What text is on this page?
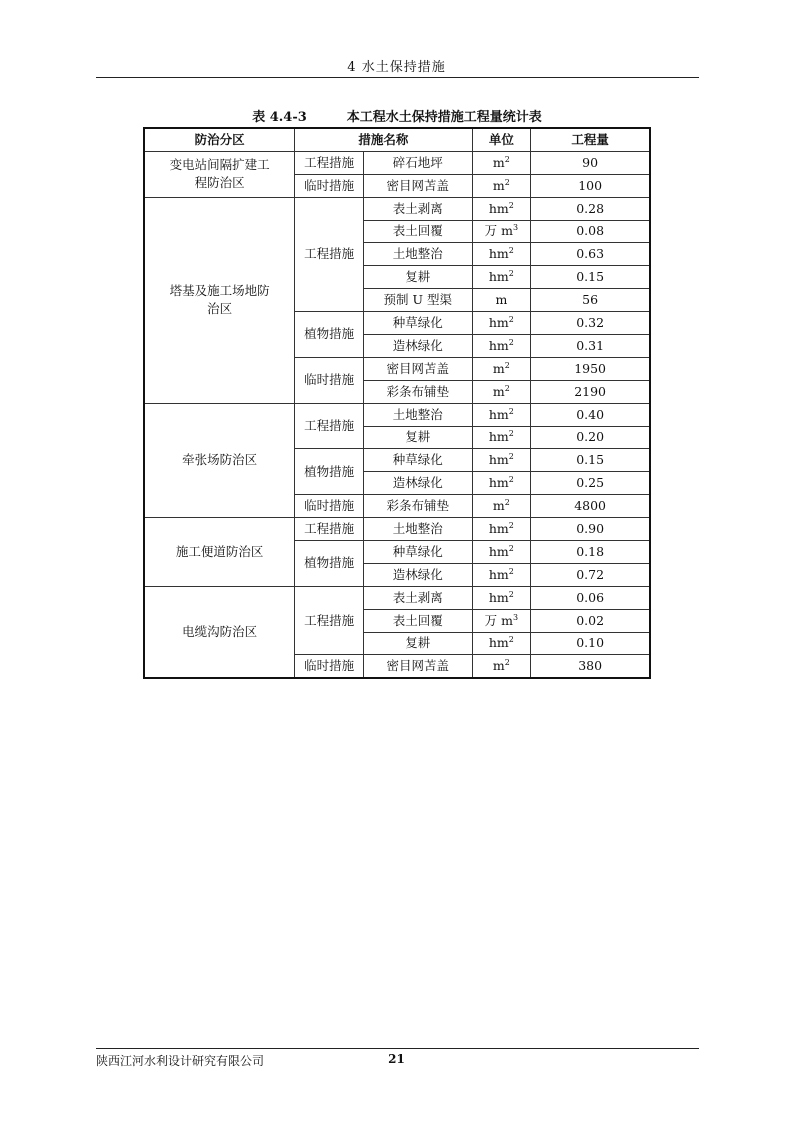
4 水土保持措施
表 4.4-3	本工程水土保持措施工程量统计表
防治分区	措施名称		单位	工程量
变电站间隔扩建工程防治区	工程措施	碎石地坪	$m^2$	90
	临时措施	密目网苫盖	$m^2$	100
塔基及施工场地防治区	工程措施	表土剥离	$hm^2$	0.28
		表土回覆	万 $m^3$	0.08
		土地整治	$hm^2$	0.63
		复耕	$hm^2$	0.15
		预制 U 型渠	m	56
	植物措施	种草绿化	$hm^2$	0.32
		造林绿化	$hm^2$	0.31
	临时措施	密目网苫盖	$m^2$	1950
		彩条布铺垫	$m^2$	2190
牵张场防治区	工程措施	土地整治	$hm^2$	0.40
		复耕	$hm^2$	0.20
	植物措施	种草绿化	$hm^2$	0.15
		造林绿化	$hm^2$	0.25
	临时措施	彩条布铺垫	$m^2$	4800
施工便道防治区	工程措施	土地整治	$hm^2$	0.90
	植物措施	种草绿化	$hm^2$	0.18
		造林绿化	$hm^2$	0.72
电缆沟防治区	工程措施	表土剥离	$hm^2$	0.06
		表土回覆	万 $m^3$	0.02
		复耕	$hm^2$	0.10
	临时措施	密目网苫盖	$m^2$	380
陕西江河水利设计研究有限公司	21
